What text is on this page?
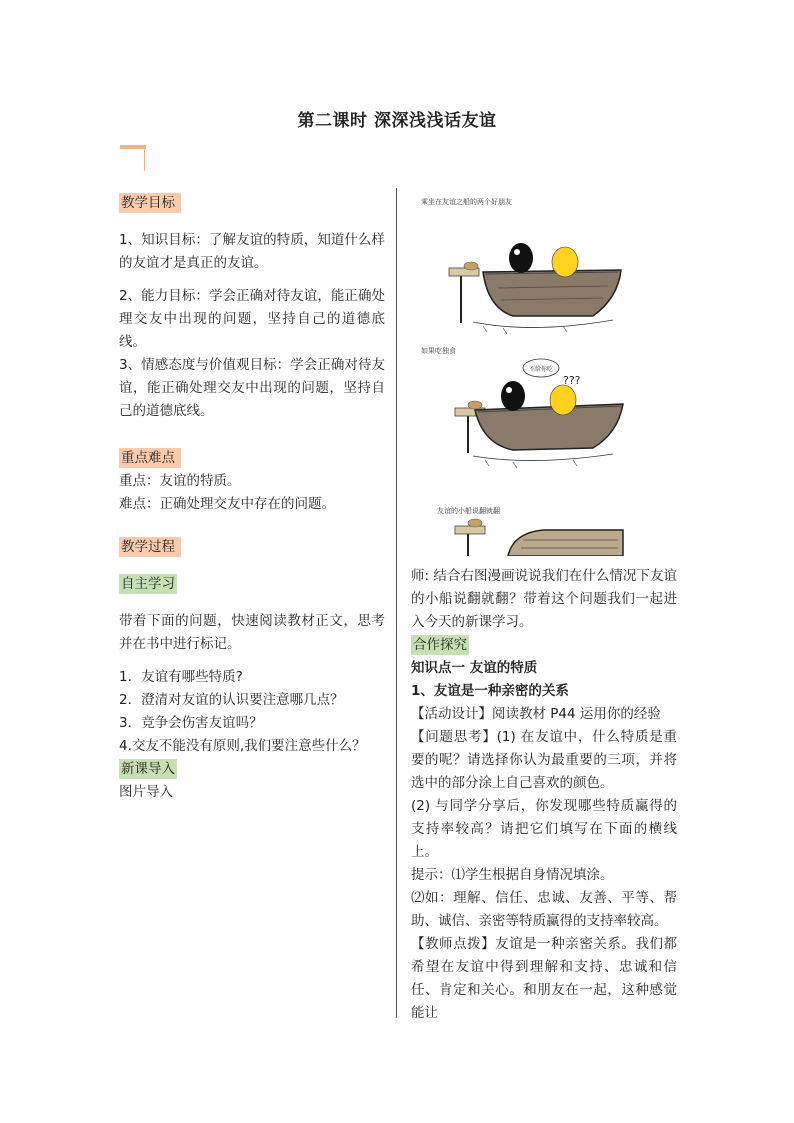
第二课时 深深浅浅话友谊

教学目标

1、知识目标：了解友谊的特质，知道什么样的友谊才是真正的友谊。

2、能力目标：学会正确对待友谊，能正确处理交友中出现的问题，坚持自己的道德底线。

3、情感态度与价值观目标：学会正确对待友谊，能正确处理交友中出现的问题，坚持自己的道德底线。

重点难点

重点：友谊的特质。

难点：正确处理交友中存在的问题。

教学过程

自主学习

带着下面的问题，快速阅读教材正文，思考并在书中进行标记。

1．友谊有哪些特质?

2．澄清对友谊的认识要注意哪几点？

3．竞争会伤害友谊吗？

4.交友不能没有原则,我们要注意些什么？

新课导入

图片导入

乘坐在友谊之船的两个好朋友
如果吃独食
不给你吃
???
友谊的小船说翻就翻

师: 结合右图漫画说说我们在什么情况下友谊的小船说翻就翻？带着这个问题我们一起进入今天的新课学习。

合作探究

知识点一 友谊的特质

1、友谊是一种亲密的关系

【活动设计】阅读教材 P44 运用你的经验

【问题思考】(1) 在友谊中，什么特质是重要的呢？请选择你认为最重要的三项，并将选中的部分涂上自己喜欢的颜色。

(2) 与同学分享后，你发现哪些特质赢得的支持率较高？请把它们填写在下面的横线上。

提示：⑴学生根据自身情况填涂。

⑵如：理解、信任、忠诚、友善、平等、帮助、诚信、亲密等特质赢得的支持率较高。

【教师点拨】友谊是一种亲密关系。我们都希望在友谊中得到理解和支持、忠诚和信任、肯定和关心。和朋友在一起，这种感觉能让
